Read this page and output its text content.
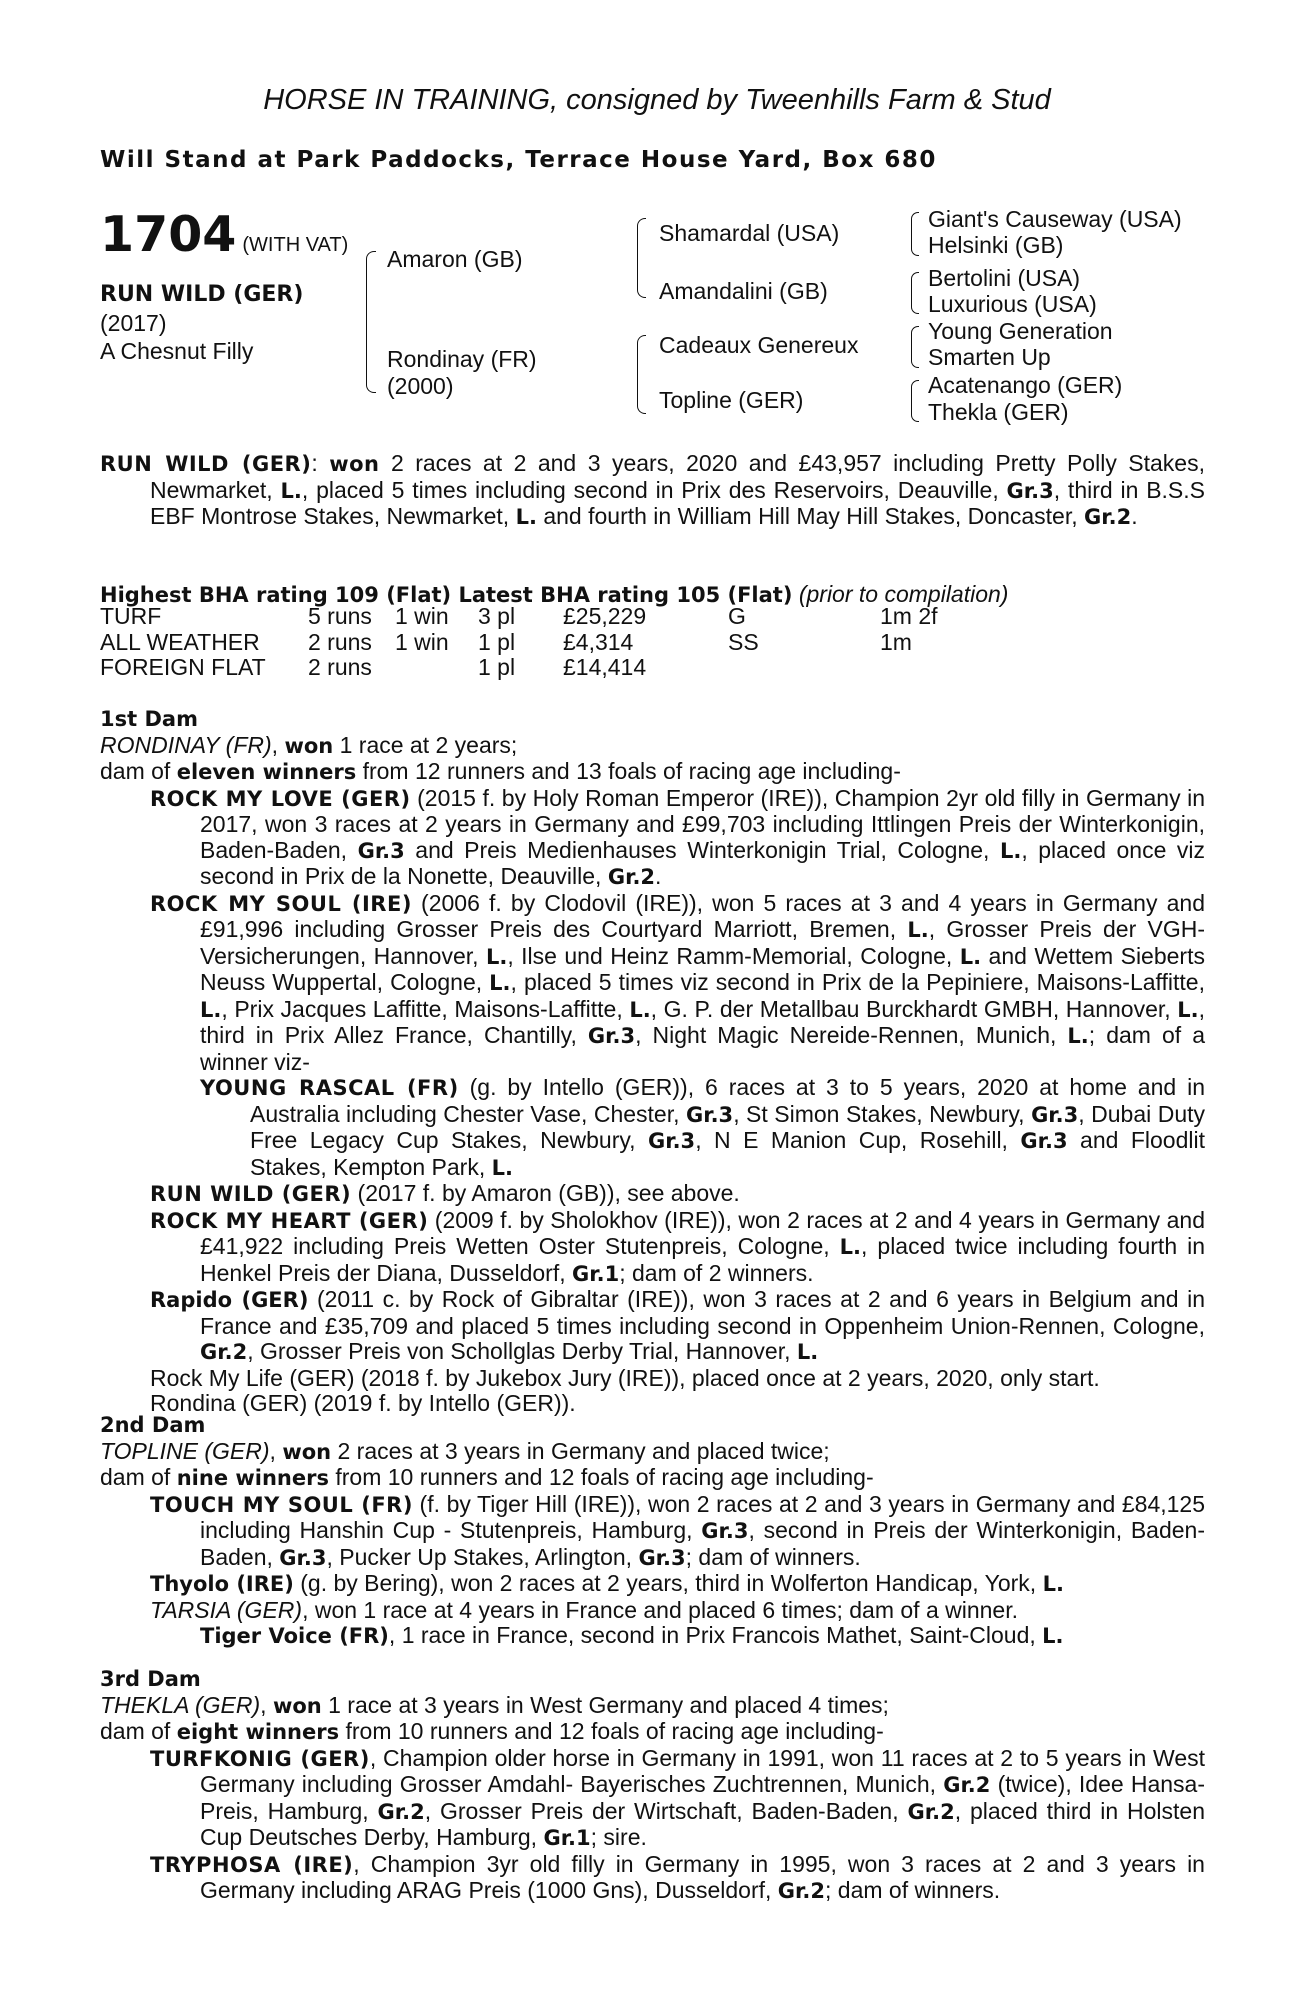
HORSE IN TRAINING, consigned by Tweenhills Farm & Stud
Will Stand at Park Paddocks, Terrace House Yard, Box 680
1704 (WITH VAT)
RUN WILD (GER)
(2017)
A Chesnut Filly
Amaron (GB)
Rondinay (FR)
(2000)
Shamardal (USA)
Amandalini (GB)
Cadeaux Genereux
Topline (GER)
Giant's Causeway (USA)
Helsinki (GB)
Bertolini (USA)
Luxurious (USA)
Young Generation
Smarten Up
Acatenango (GER)
Thekla (GER)
RUN WILD (GER): won 2 races at 2 and 3 years, 2020 and £43,957 including Pretty Polly Stakes, Newmarket, L., placed 5 times including second in Prix des Reservoirs, Deauville, Gr.3, third in B.S.S EBF Montrose Stakes, Newmarket, L. and fourth in William Hill May Hill Stakes, Doncaster, Gr.2.
Highest BHA rating 109 (Flat) Latest BHA rating 105 (Flat) (prior to compilation)
TURF	5 runs	1 win	3 pl	£25,229	G	1m 2f
ALL WEATHER	2 runs	1 win	1 pl	£4,314	SS	1m
FOREIGN FLAT	2 runs		1 pl	£14,414		
1st Dam
RONDINAY (FR), won 1 race at 2 years;
dam of eleven winners from 12 runners and 13 foals of racing age including-
ROCK MY LOVE (GER) (2015 f. by Holy Roman Emperor (IRE)), Champion 2yr old filly in Germany in 2017, won 3 races at 2 years in Germany and £99,703 including Ittlingen Preis der Winterkonigin, Baden-Baden, Gr.3 and Preis Medienhauses Winterkonigin Trial, Cologne, L., placed once viz second in Prix de la Nonette, Deauville, Gr.2.
ROCK MY SOUL (IRE) (2006 f. by Clodovil (IRE)), won 5 races at 3 and 4 years in Germany and £91,996 including Grosser Preis des Courtyard Marriott, Bremen, L., Grosser Preis der VGH-Versicherungen, Hannover, L., Ilse und Heinz Ramm-Memorial, Cologne, L. and Wettem Sieberts Neuss Wuppertal, Cologne, L., placed 5 times viz second in Prix de la Pepiniere, Maisons-Laffitte, L., Prix Jacques Laffitte, Maisons-Laffitte, L., G. P. der Metallbau Burckhardt GMBH, Hannover, L., third in Prix Allez France, Chantilly, Gr.3, Night Magic Nereide-Rennen, Munich, L.; dam of a winner viz-
YOUNG RASCAL (FR) (g. by Intello (GER)), 6 races at 3 to 5 years, 2020 at home and in Australia including Chester Vase, Chester, Gr.3, St Simon Stakes, Newbury, Gr.3, Dubai Duty Free Legacy Cup Stakes, Newbury, Gr.3, N E Manion Cup, Rosehill, Gr.3 and Floodlit Stakes, Kempton Park, L.
RUN WILD (GER) (2017 f. by Amaron (GB)), see above.
ROCK MY HEART (GER) (2009 f. by Sholokhov (IRE)), won 2 races at 2 and 4 years in Germany and £41,922 including Preis Wetten Oster Stutenpreis, Cologne, L., placed twice including fourth in Henkel Preis der Diana, Dusseldorf, Gr.1; dam of 2 winners.
Rapido (GER) (2011 c. by Rock of Gibraltar (IRE)), won 3 races at 2 and 6 years in Belgium and in France and £35,709 and placed 5 times including second in Oppenheim Union-Rennen, Cologne, Gr.2, Grosser Preis von Schollglas Derby Trial, Hannover, L.
Rock My Life (GER) (2018 f. by Jukebox Jury (IRE)), placed once at 2 years, 2020, only start.
Rondina (GER) (2019 f. by Intello (GER)).
2nd Dam
TOPLINE (GER), won 2 races at 3 years in Germany and placed twice;
dam of nine winners from 10 runners and 12 foals of racing age including-
TOUCH MY SOUL (FR) (f. by Tiger Hill (IRE)), won 2 races at 2 and 3 years in Germany and £84,125 including Hanshin Cup - Stutenpreis, Hamburg, Gr.3, second in Preis der Winterkonigin, Baden-Baden, Gr.3, Pucker Up Stakes, Arlington, Gr.3; dam of winners.
Thyolo (IRE) (g. by Bering), won 2 races at 2 years, third in Wolferton Handicap, York, L.
TARSIA (GER), won 1 race at 4 years in France and placed 6 times; dam of a winner.
Tiger Voice (FR), 1 race in France, second in Prix Francois Mathet, Saint-Cloud, L.
3rd Dam
THEKLA (GER), won 1 race at 3 years in West Germany and placed 4 times;
dam of eight winners from 10 runners and 12 foals of racing age including-
TURFKONIG (GER), Champion older horse in Germany in 1991, won 11 races at 2 to 5 years in West Germany including Grosser Amdahl- Bayerisches Zuchtrennen, Munich, Gr.2 (twice), Idee Hansa-Preis, Hamburg, Gr.2, Grosser Preis der Wirtschaft, Baden-Baden, Gr.2, placed third in Holsten Cup Deutsches Derby, Hamburg, Gr.1; sire.
TRYPHOSA (IRE), Champion 3yr old filly in Germany in 1995, won 3 races at 2 and 3 years in Germany including ARAG Preis (1000 Gns), Dusseldorf, Gr.2; dam of winners.
